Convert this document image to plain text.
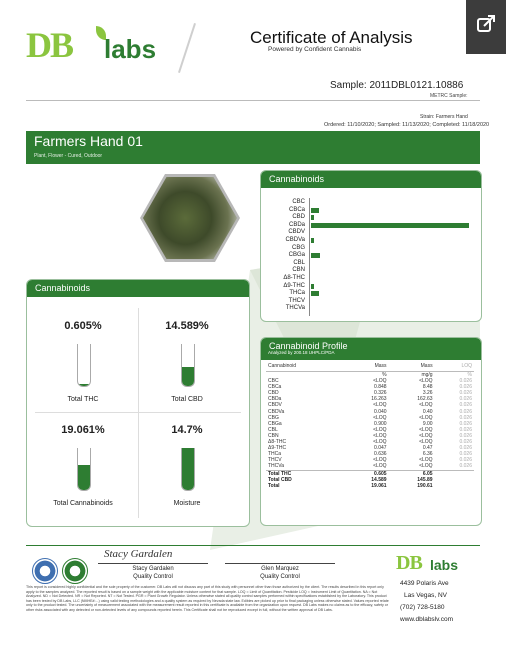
DB labs	Certificate of Analysis
Powered by Confident Cannabis
Sample: 2011DBL0121.10886
METRC Sample:
Strain: Farmers Hand
Ordered: 11/10/2020; Sampled: 11/13/2020; Completed: 11/18/2020
Farmers Hand 01
Plant, Flower - Cured, Outdoor
Cannabinoids
CBC
CBCa
CBD
CBDa
CBDV
CBDVa
CBG
CBGa
CBL
CBN
Δ8-THC
Δ9-THC
THCa
THCV
THCVa
Cannabinoids
0.605%
Total THC
14.589%
Total CBD
19.061%
Total Cannabinoids
14.7%
Moisture
Cannabinoid Profile
Analyzed by 200.18 UHPLC/PDA
Cannabinoid	Mass	Mass	LOQ
	%	mg/g	%
CBC	<LOQ	<LOQ	0.026
CBCa	0.848	8.48	0.026
CBD	0.326	3.26	0.026
CBDa	16.263	162.63	0.026
CBDV	<LOQ	<LOQ	0.026
CBDVa	0.040	0.40	0.026
CBG	<LOQ	<LOQ	0.026
CBGa	0.900	9.00	0.026
CBL	<LOQ	<LOQ	0.026
CBN	<LOQ	<LOQ	0.026
Δ8-THC	<LOQ	<LOQ	0.026
Δ9-THC	0.047	0.47	0.026
THCa	0.636	6.36	0.026
THCV	<LOQ	<LOQ	0.026
THCVa	<LOQ	<LOQ	0.026
Total THC	0.605	6.05	
Total CBD	14.589	145.89	
Total	19.061	190.61	
Stacy Gardalen
Stacy Gardalen
Quality Control
Glen Marquez
Quality Control
DB labs
4439 Polaris Ave
Las Vegas, NV
(702) 728-5180
www.dblabslv.com
This report is considered highly confidential and the sole property of the customer. DB Labs will not discuss any part of this study with personnel other than those authorized by the client. The results described in this report only apply to the samples analyzed. The reported result is based on a sample weight with the applicable moisture content for that sample. LOQ = Limit of Quantitation. Pesticide LOQ = Instrument Limit of Quantitation. NA = Not Analyzed. ND = Not Detected. NR = Not Reported. NT = Not Tested. PGR = Plant Growth Regulator. Unless otherwise stated all quality control samples performed within specifications established by the Laboratory. This product has been tested by DB Labs, LLC (NMHE#:...) using valid testing methodologies and a quality system as required by Nevada state law. Edibles are picked up prior to final packaging unless otherwise stated. Values reported relate only to the product tested. The uncertainty of measurement associated with the measurement result reported in this certificate is available from the organization upon request. DB Labs makes no claims as to the efficacy, safety or other risks associated with any detected or non-detected levels of any compounds reported herein. This Certificate shall not be reproduced except in full, without the written approval of DB Labs.
